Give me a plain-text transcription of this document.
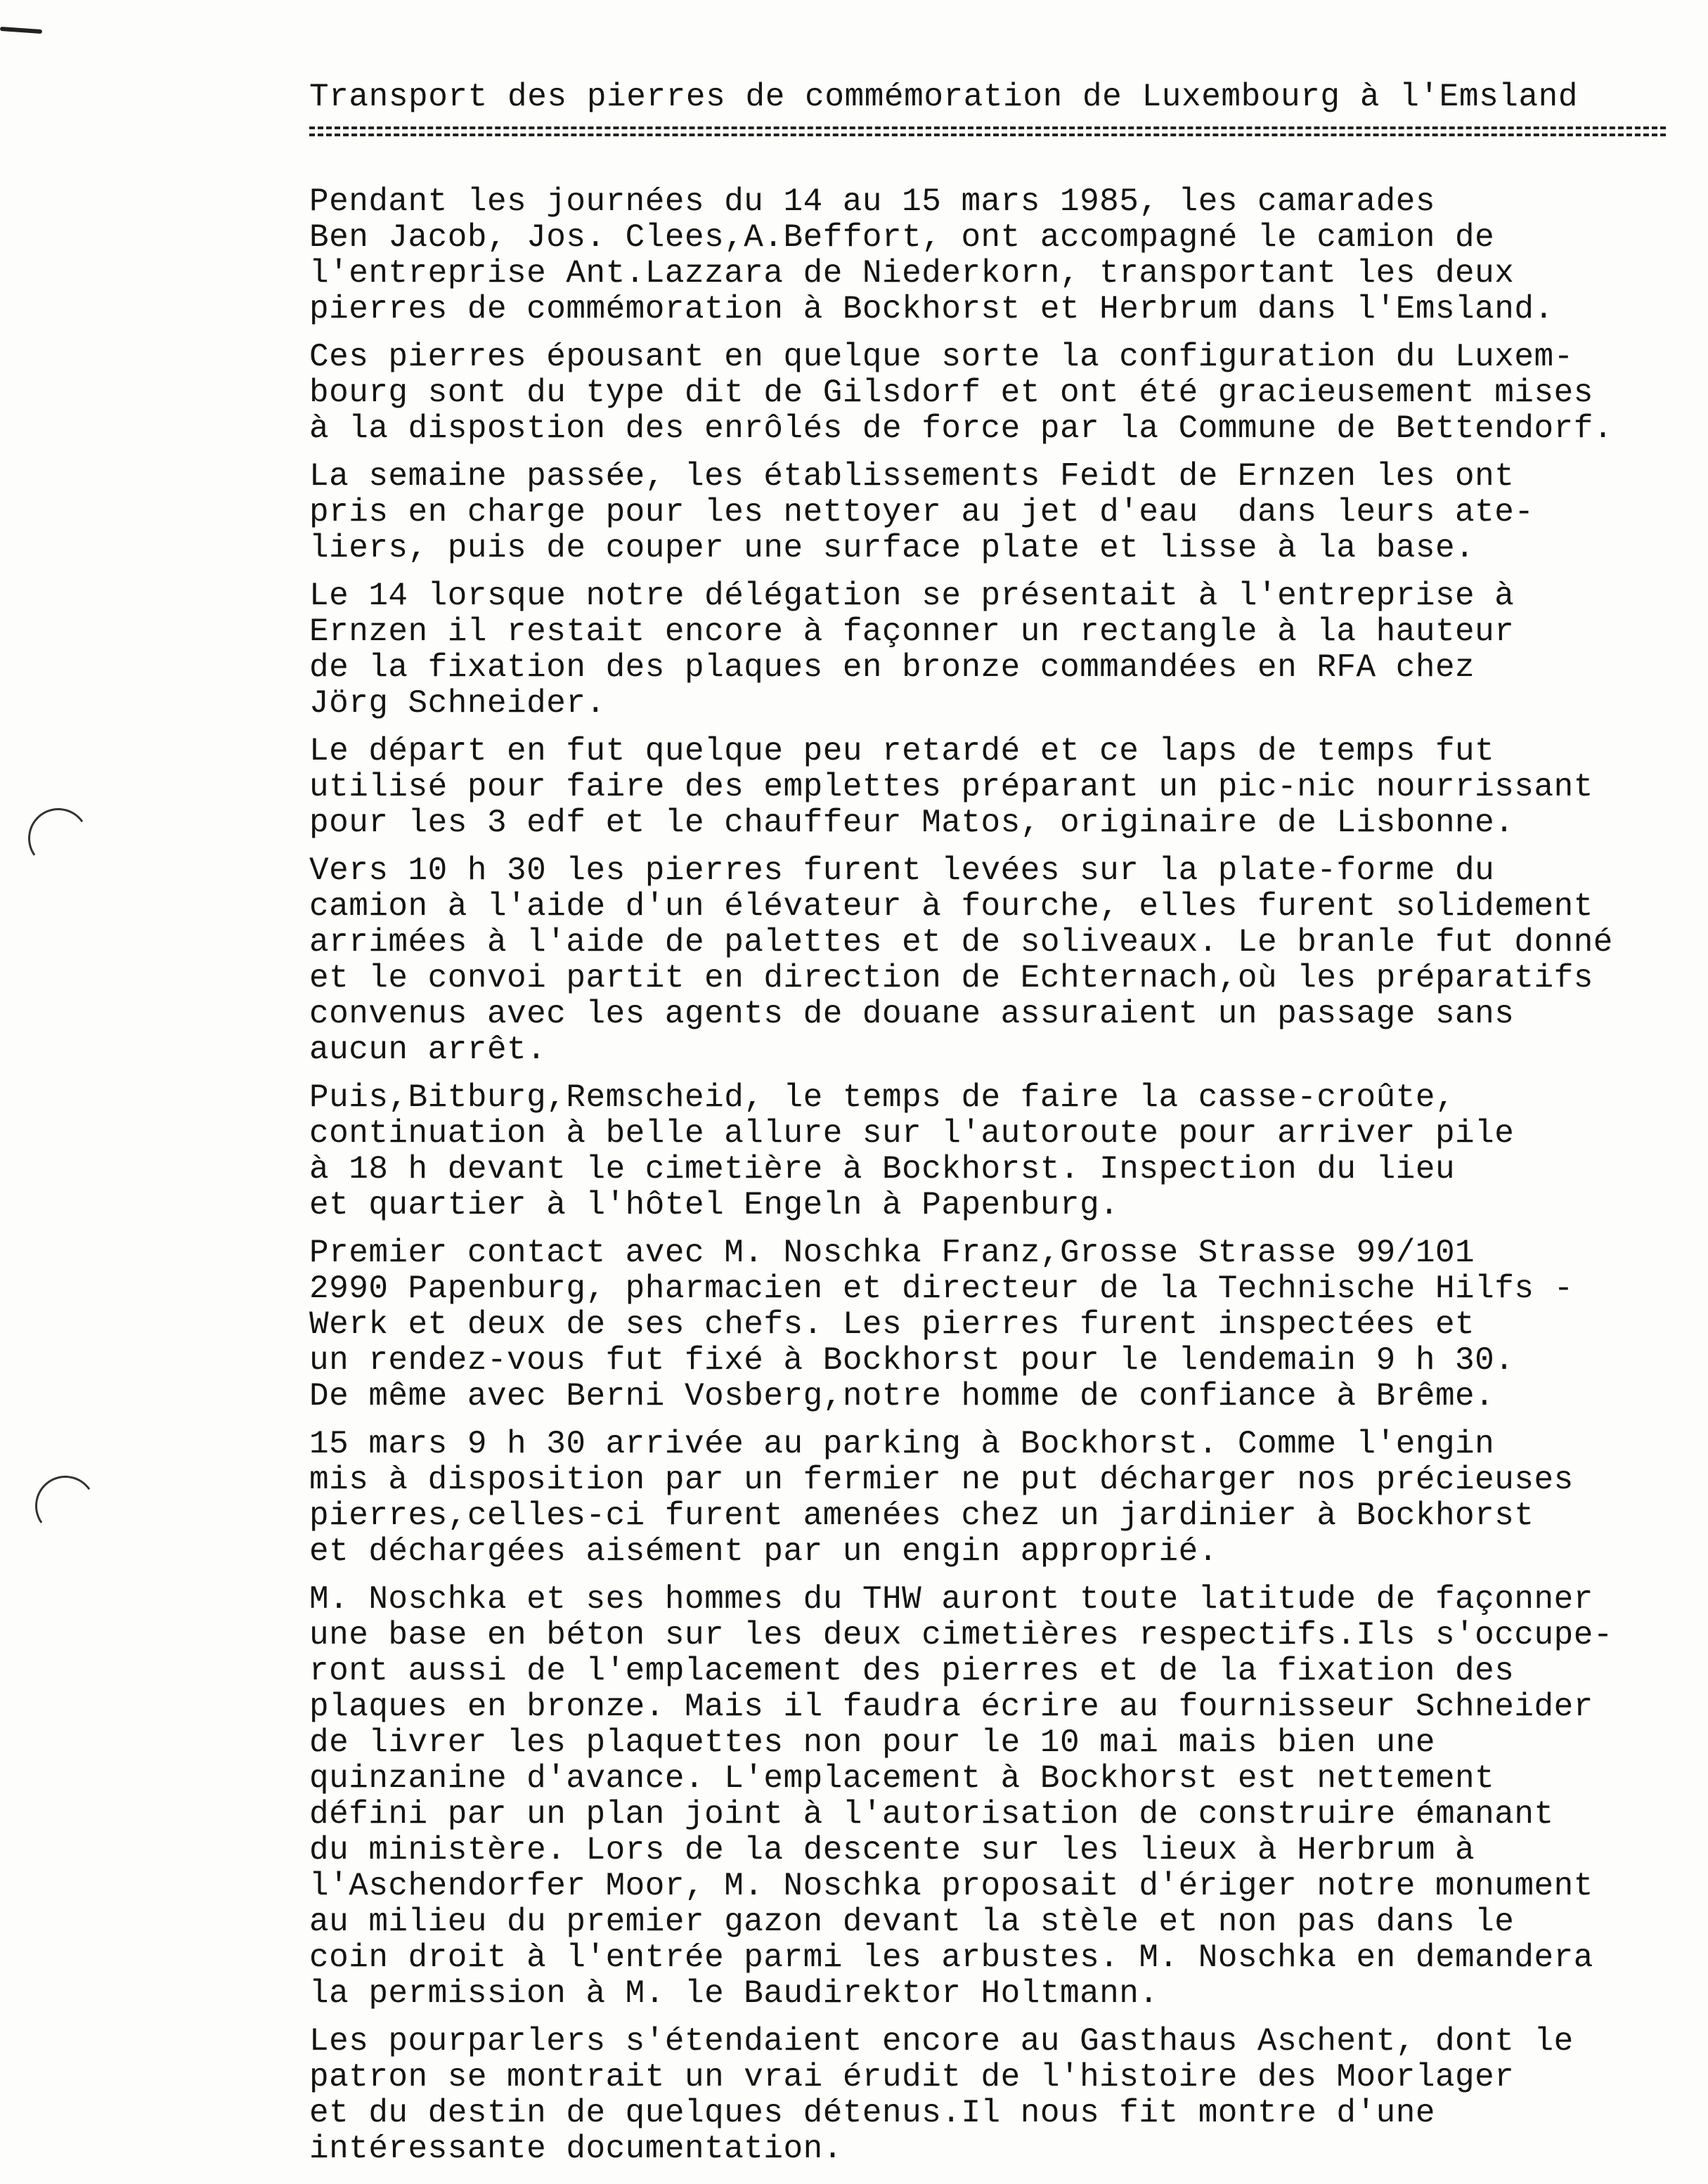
Transport des pierres de commémoration de Luxembourg à l'Emsland
Pendant les journées du 14 au 15 mars 1985, les camarades
Ben Jacob, Jos. Clees,A.Beffort, ont accompagné le camion de
l'entreprise Ant.Lazzara de Niederkorn, transportant les deux
pierres de commémoration à Bockhorst et Herbrum dans l'Emsland.
Ces pierres épousant en quelque sorte la configuration du Luxem-
bourg sont du type dit de Gilsdorf et ont été gracieusement mises
à la dispostion des enrôlés de force par la Commune de Bettendorf.
La semaine passée, les établissements Feidt de Ernzen les ont
pris en charge pour les nettoyer au jet d'eau  dans leurs ate-
liers, puis de couper une surface plate et lisse à la base.
Le 14 lorsque notre délégation se présentait à l'entreprise à
Ernzen il restait encore à façonner un rectangle à la hauteur
de la fixation des plaques en bronze commandées en RFA chez
Jörg Schneider.
Le départ en fut quelque peu retardé et ce laps de temps fut
utilisé pour faire des emplettes préparant un pic-nic nourrissant
pour les 3 edf et le chauffeur Matos, originaire de Lisbonne.
Vers 10 h 30 les pierres furent levées sur la plate-forme du
camion à l'aide d'un élévateur à fourche, elles furent solidement
arrimées à l'aide de palettes et de soliveaux. Le branle fut donné
et le convoi partit en direction de Echternach,où les préparatifs
convenus avec les agents de douane assuraient un passage sans
aucun arrêt.
Puis,Bitburg,Remscheid, le temps de faire la casse-croûte,
continuation à belle allure sur l'autoroute pour arriver pile
à 18 h devant le cimetière à Bockhorst. Inspection du lieu
et quartier à l'hôtel Engeln à Papenburg.
Premier contact avec M. Noschka Franz,Grosse Strasse 99/101
2990 Papenburg, pharmacien et directeur de la Technische Hilfs -
Werk et deux de ses chefs. Les pierres furent inspectées et
un rendez-vous fut fixé à Bockhorst pour le lendemain 9 h 30.
De même avec Berni Vosberg,notre homme de confiance à Brême.
15 mars 9 h 30 arrivée au parking à Bockhorst. Comme l'engin
mis à disposition par un fermier ne put décharger nos précieuses
pierres,celles-ci furent amenées chez un jardinier à Bockhorst
et déchargées aisément par un engin approprié.
M. Noschka et ses hommes du THW auront toute latitude de façonner
une base en béton sur les deux cimetières respectifs.Ils s'occupe-
ront aussi de l'emplacement des pierres et de la fixation des
plaques en bronze. Mais il faudra écrire au fournisseur Schneider
de livrer les plaquettes non pour le 10 mai mais bien une
quinzanine d'avance. L'emplacement à Bockhorst est nettement
défini par un plan joint à l'autorisation de construire émanant
du ministère. Lors de la descente sur les lieux à Herbrum à
l'Aschendorfer Moor, M. Noschka proposait d'ériger notre monument
au milieu du premier gazon devant la stèle et non pas dans le
coin droit à l'entrée parmi les arbustes. M. Noschka en demandera
la permission à M. le Baudirektor Holtmann.
Les pourparlers s'étendaient encore au Gasthaus Aschent, dont le
patron se montrait un vrai érudit de l'histoire des Moorlager
et du destin de quelques détenus.Il nous fit montre d'une
intéressante documentation.
